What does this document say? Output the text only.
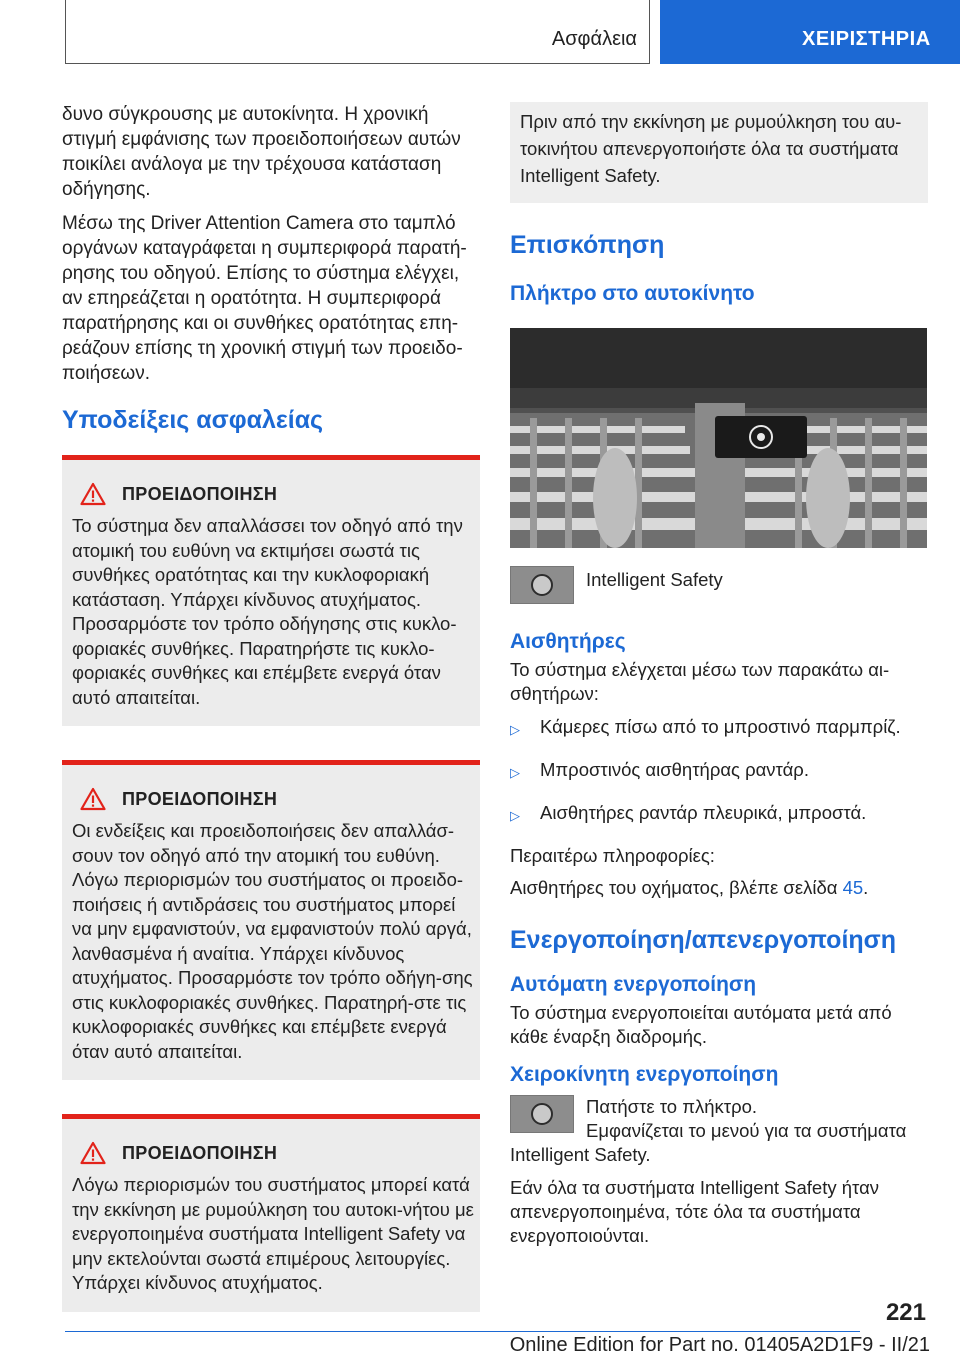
Ασφάλεια	ΧΕΙΡΙΣΤΗΡΙΑ

δυνο σύγκρουσης με αυτοκίνητα. Η χρονική στιγμή εμφάνισης των προειδοποιήσεων αυτών ποικίλει ανάλογα με την τρέχουσα κατάσταση οδήγησης.

Μέσω της Driver Attention Camera στο ταμπλό οργάνων καταγράφεται η συμπεριφορά παρατή-ρησης του οδηγού. Επίσης το σύστημα ελέγχει, αν επηρεάζεται η ορατότητα. Η συμπεριφορά παρατήρησης και οι συνθήκες ορατότητας επη-ρεάζουν επίσης τη χρονική στιγμή των προειδο-ποιήσεων.

Υποδείξεις ασφαλείας
ΠΡΟΕΙΔΟΠΟΙΗΣΗ

Το σύστημα δεν απαλλάσσει τον οδηγό από την ατομική του ευθύνη να εκτιμήσει σωστά τις συνθήκες ορατότητας και την κυκλοφοριακή κατάσταση. Υπάρχει κίνδυνος ατυχήματος. Προσαρμόστε τον τρόπο οδήγησης στις κυκλο-φοριακές συνθήκες. Παρατηρήστε τις κυκλο-φοριακές συνθήκες και επέμβετε ενεργά όταν αυτό απαιτείται.

ΠΡΟΕΙΔΟΠΟΙΗΣΗ

Οι ενδείξεις και προειδοποιήσεις δεν απαλλάσ-σουν τον οδηγό από την ατομική του ευθύνη. Λόγω περιορισμών του συστήματος οι προειδο-ποιήσεις ή αντιδράσεις του συστήματος μπορεί να μην εμφανιστούν, να εμφανιστούν πολύ αργά, λανθασμένα ή αναίτια. Υπάρχει κίνδυνος ατυχήματος. Προσαρμόστε τον τρόπο οδήγη-σης στις κυκλοφοριακές συνθήκες. Παρατηρή-στε τις κυκλοφοριακές συνθήκες και επέμβετε ενεργά όταν αυτό απαιτείται.

ΠΡΟΕΙΔΟΠΟΙΗΣΗ

Λόγω περιορισμών του συστήματος μπορεί κατά την εκκίνηση με ρυμούλκηση του αυτοκι-νήτου με ενεργοποιημένα συστήματα Intelligent Safety να μην εκτελούνται σωστά επιμέρους λειτουργίες. Υπάρχει κίνδυνος ατυχήματος.

Πριν από την εκκίνηση με ρυμούλκηση του αυ-τοκινήτου απενεργοποιήστε όλα τα συστήματα Intelligent Safety.

Επισκόπηση
Πλήκτρο στο αυτοκίνητο
Intelligent Safety
Αισθητήρες

Το σύστημα ελέγχεται μέσω των παρακάτω αι-σθητήρων:

▷	Κάμερες πίσω από το μπροστινό παρμπρίζ.
▷	Μπροστινός αισθητήρας ραντάρ.
▷	Αισθητήρες ραντάρ πλευρικά, μπροστά.

Περαιτέρω πληροφορίες:

Αισθητήρες του οχήματος, βλέπε σελίδα 45.

Ενεργοποίηση/απενεργοποίηση
Αυτόματη ενεργοποίηση

Το σύστημα ενεργοποιείται αυτόματα μετά από κάθε έναρξη διαδρομής.

Χειροκίνητη ενεργοποίηση
Πατήστε το πλήκτρο.

Εμφανίζεται το μενού για τα συστήματα Intelligent Safety.

Εάν όλα τα συστήματα Intelligent Safety ήταν απενεργοποιημένα, τότε όλα τα συστήματα ενεργοποιούνται.

221
Online Edition for Part no. 01405A2D1F9 - II/21
